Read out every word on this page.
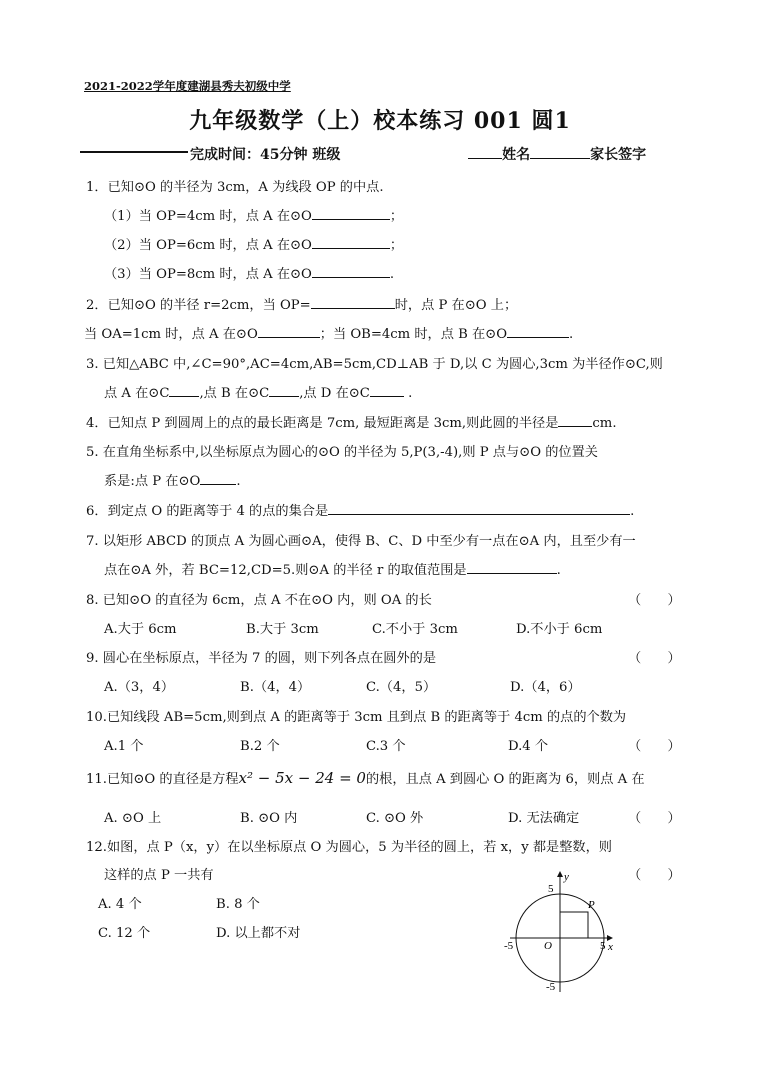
2021-2022学年度建湖县秀夫初级中学
九年级数学（上）校本练习 001 圆1
完成时间：45分钟 班级	姓名	家长签字
1．已知⊙O 的半径为 3cm，A 为线段 OP 的中点.
（1）当 OP=4cm 时，点 A 在⊙O	；
（2）当 OP=6cm 时，点 A 在⊙O	；
（3）当 OP=8cm 时，点 A 在⊙O	.
2．已知⊙O 的半径 r=2cm，当 OP=	时，点 P 在⊙O 上；
当 OA=1cm 时，点 A 在⊙O	；当 OB=4cm 时，点 B 在⊙O	.
3. 已知△ABC 中,∠C=90°,AC=4cm,AB=5cm,CD⊥AB 于 D,以 C 为圆心,3cm 为半径作⊙C,则
点 A 在⊙C ,点 B 在⊙C ,点 D 在⊙C	.
4．已知点 P 到圆周上的点的最长距离是 7cm, 最短距离是 3cm,则此圆的半径是	cm.
5. 在直角坐标系中,以坐标原点为圆心的⊙O 的半径为 5,P(3,-4),则 P 点与⊙O 的位置关
系是:点 P 在⊙O	.
6．到定点 O 的距离等于 4 的点的集合是	.
7. 以矩形 ABCD 的顶点 A 为圆心画⊙A，使得 B、C、D 中至少有一点在⊙A 内，且至少有一
点在⊙A 外，若 BC=12,CD=5.则⊙A 的半径 r 的取值范围是	.
8. 已知⊙O 的直径为 6cm，点 A 不在⊙O 内，则 OA 的长	（　　）
A.大于 6cm	B.大于 3cm	C.不小于 3cm	D.不小于 6cm
9. 圆心在坐标原点，半径为 7 的圆，则下列各点在圆外的是	（　　）
A.（3，4）	B.（4，4）	C.（4，5）	D.（4，6）
10.已知线段 AB=5cm,则到点 A 的距离等于 3cm 且到点 B 的距离等于 4cm 的点的个数为
A.1 个	B.2 个	C.3 个	D.4 个	（　　）
11.已知⊙O 的直径是方程x² − 5x − 24 = 0的根，且点 A 到圆心 O 的距离为 6，则点 A 在
A. ⊙O 上	B. ⊙O 内	C. ⊙O 外	D. 无法确定	（　　）
12.如图，点 P（x，y）在以坐标原点 O 为圆心，5 为半径的圆上，若 x，y 都是整数，则
这样的点 P 一共有	（　　）
A. 4 个	B. 8 个
C. 12 个	D. 以上都不对
y
x
O
P
5
5
-5
-5
